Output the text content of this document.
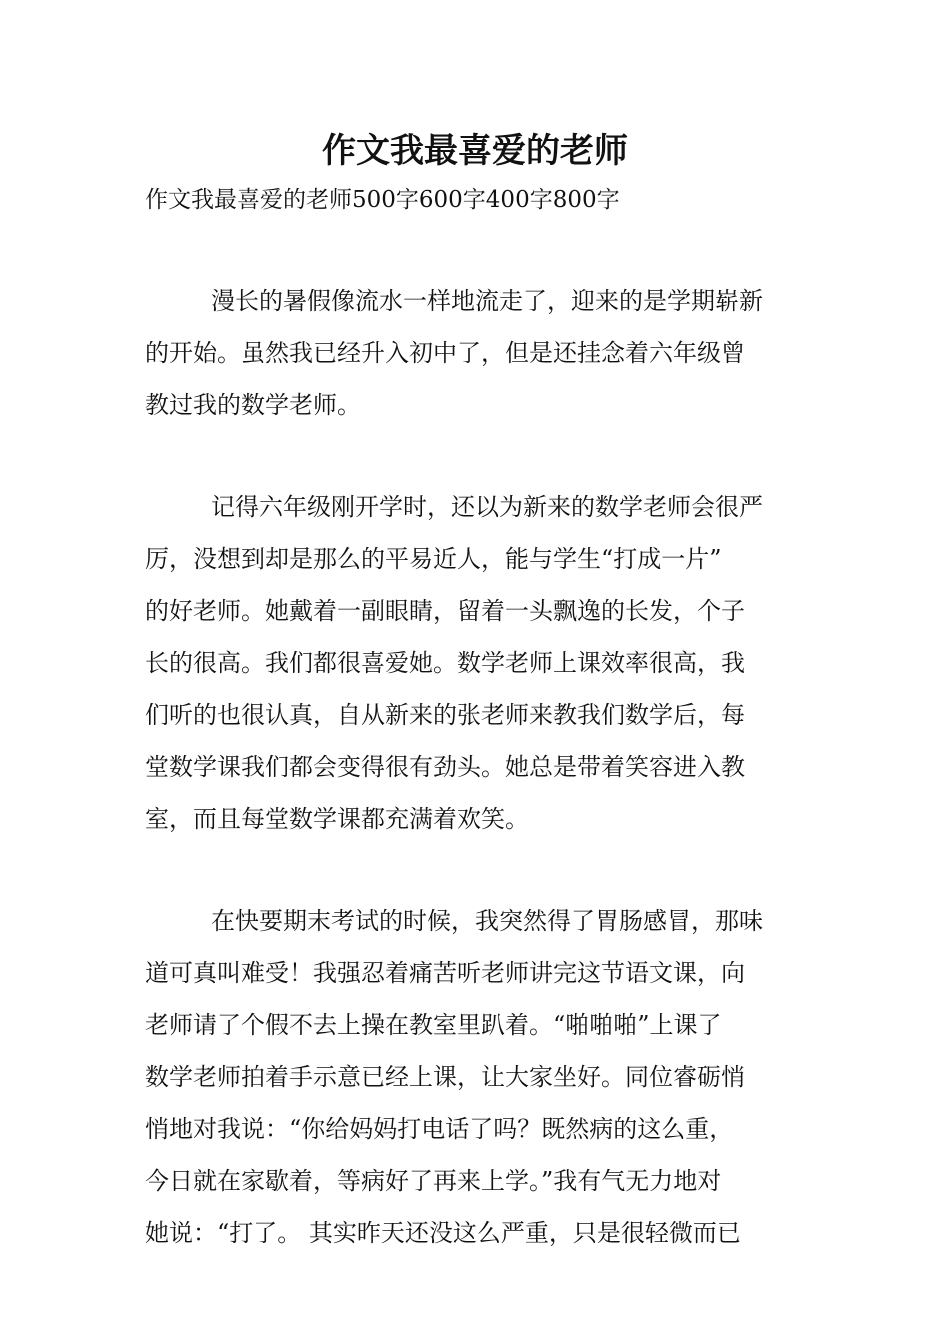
作文我最喜爱的老师
作文我最喜爱的老师500字600字400字800字
漫长的暑假像流水一样地流走了，迎来的是学期崭新
的开始。虽然我已经升入初中了，但是还挂念着六年级曾
教过我的数学老师。
记得六年级刚开学时，还以为新来的数学老师会很严
厉，没想到却是那么的平易近人，能与学生“打成一片”
的好老师。她戴着一副眼睛，留着一头飘逸的长发，个子
长的很高。我们都很喜爱她。数学老师上课效率很高，我
们听的也很认真，自从新来的张老师来教我们数学后，每
堂数学课我们都会变得很有劲头。她总是带着笑容进入教
室，而且每堂数学课都充满着欢笑。
在快要期末考试的时候，我突然得了胃肠感冒，那味
道可真叫难受！我强忍着痛苦听老师讲完这节语文课，向
老师请了个假不去上操在教室里趴着。“啪啪啪”上课了
数学老师拍着手示意已经上课，让大家坐好。同位睿砺悄
悄地对我说：“你给妈妈打电话了吗？既然病的这么重，
今日就在家歇着，等病好了再来上学。”我有气无力地对
她说：“打了。 其实昨天还没这么严重，只是很轻微而已
